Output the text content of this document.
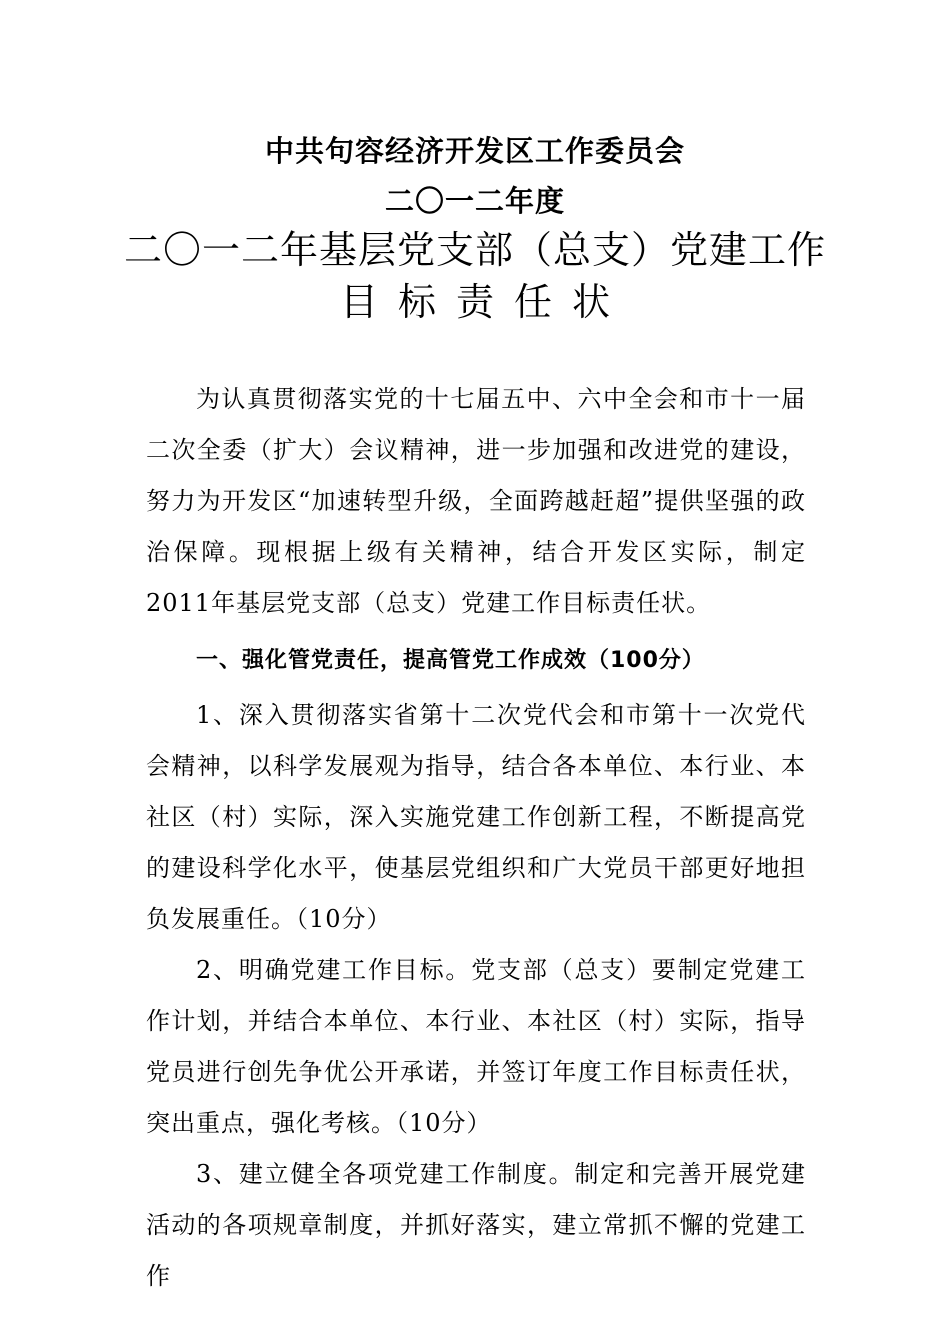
中共句容经济开发区工作委员会
二〇一二年度
二〇一二年基层党支部（总支）党建工作
目标责任状

为认真贯彻落实党的十七届五中、六中全会和市十一届二次全委（扩大）会议精神，进一步加强和改进党的建设，努力为开发区“加速转型升级，全面跨越赶超”提供坚强的政治保障。现根据上级有关精神，结合开发区实际，制定2011年基层党支部（总支）党建工作目标责任状。

一、强化管党责任，提高管党工作成效（100分）

1、深入贯彻落实省第十二次党代会和市第十一次党代会精神，以科学发展观为指导，结合各本单位、本行业、本社区（村）实际，深入实施党建工作创新工程，不断提高党的建设科学化水平，使基层党组织和广大党员干部更好地担负发展重任。（10分）

2、明确党建工作目标。党支部（总支）要制定党建工作计划，并结合本单位、本行业、本社区（村）实际，指导党员进行创先争优公开承诺，并签订年度工作目标责任状，突出重点，强化考核。（10分）

3、建立健全各项党建工作制度。制定和完善开展党建活动的各项规章制度，并抓好落实，建立常抓不懈的党建工作
